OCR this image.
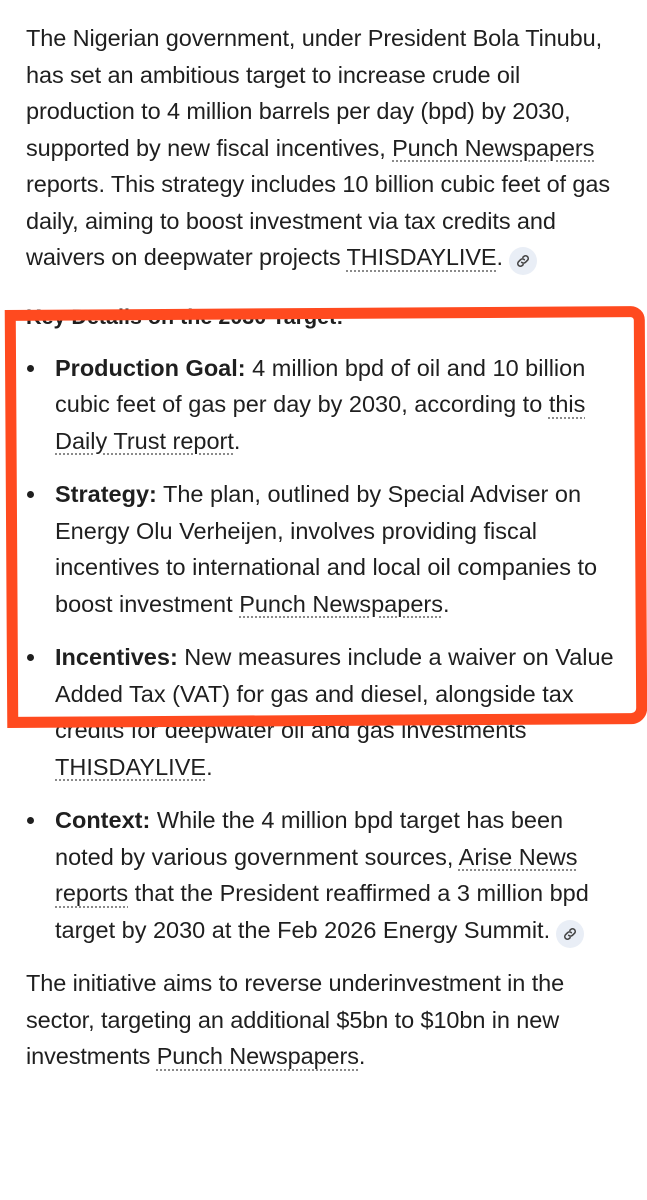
The Nigerian government, under President Bola Tinubu, has set an ambitious target to increase crude oil production to 4 million barrels per day (bpd) by 2030, supported by new fiscal incentives, Punch Newspapers reports. This strategy includes 10 billion cubic feet of gas daily, aiming to boost investment via tax credits and waivers on deepwater projects THISDAYLIVE.

Key Details on the 2030 Target:
Production Goal: 4 million bpd of oil and 10 billion cubic feet of gas per day by 2030, according to this Daily Trust report.
Strategy: The plan, outlined by Special Adviser on Energy Olu Verheijen, involves providing fiscal incentives to international and local oil companies to boost investment Punch Newspapers.
Incentives: New measures include a waiver on Value Added Tax (VAT) for gas and diesel, alongside tax credits for deepwater oil and gas investments THISDAYLIVE.
Context: While the 4 million bpd target has been noted by various government sources, Arise News reports that the President reaffirmed a 3 million bpd target by 2030 at the Feb 2026 Energy Summit.

The initiative aims to reverse underinvestment in the sector, targeting an additional $5bn to $10bn in new investments Punch Newspapers.
